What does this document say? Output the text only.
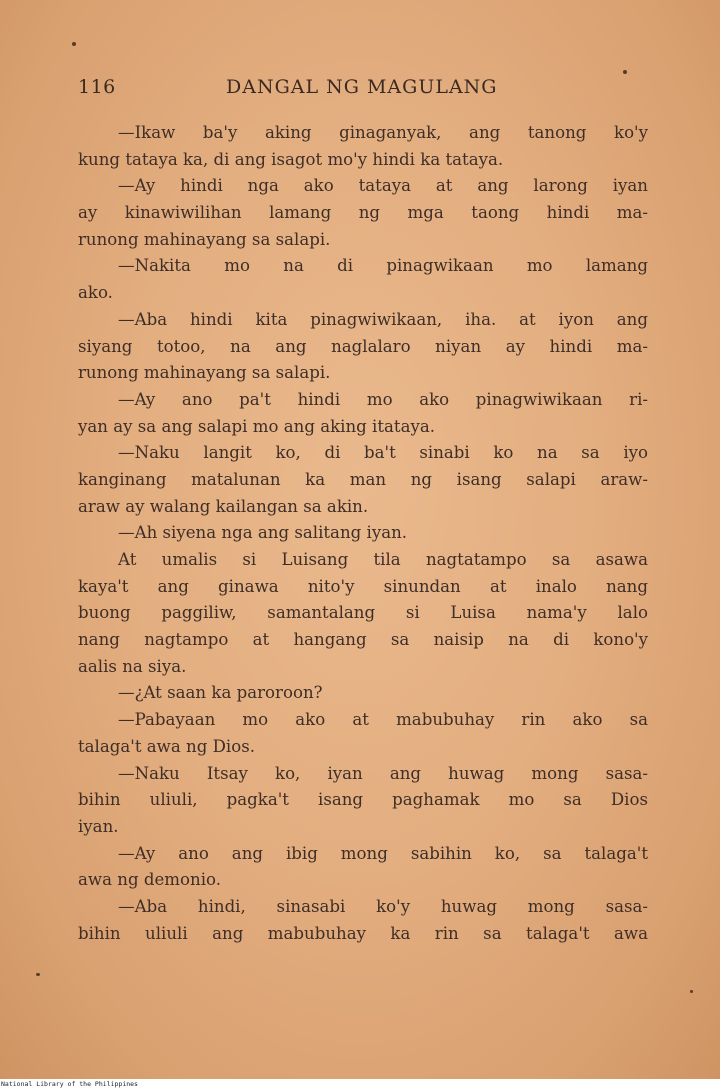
116	DANGAL NG MAGULANG
—Ikaw ba'y aking ginaganyak, ang tanong ko'y
kung tataya ka, di ang isagot mo'y hindi ka tataya.
—Ay hindi nga ako tataya at ang larong iyan
ay kinawiwilihan lamang ng mga taong hindi ma-
runong mahinayang sa salapi.
—Nakita mo na di pinagwikaan mo lamang
ako.
—Aba hindi kita pinagwiwikaan, iha. at iyon ang
siyang totoo, na ang naglalaro niyan ay hindi ma-
runong mahinayang sa salapi.
—Ay ano pa't hindi mo ako pinagwiwikaan ri-
yan ay sa ang salapi mo ang aking itataya.
—Naku langit ko, di ba't sinabi ko na sa iyo
kanginang matalunan ka man ng isang salapi araw-
araw ay walang kailangan sa akin.
—Ah siyena nga ang salitang iyan.
At umalis si Luisang tila nagtatampo sa asawa
kaya't ang ginawa nito'y sinundan at inalo nang
buong paggiliw, samantalang si Luisa nama'y lalo
nang nagtampo at hangang sa naisip na di kono'y
aalis na siya.
—¿At saan ka paroroon?
—Pabayaan mo ako at mabubuhay rin ako sa
talaga't awa ng Dios.
—Naku Itsay ko, iyan ang huwag mong sasa-
bihin uliuli, pagka't isang paghamak mo sa Dios
iyan.
—Ay ano ang ibig mong sabihin ko, sa talaga't
awa ng demonio.
—Aba hindi, sinasabi ko'y huwag mong sasa-
bihin uliuli ang mabubuhay ka rin sa talaga't awa
National Library of the Philippines
